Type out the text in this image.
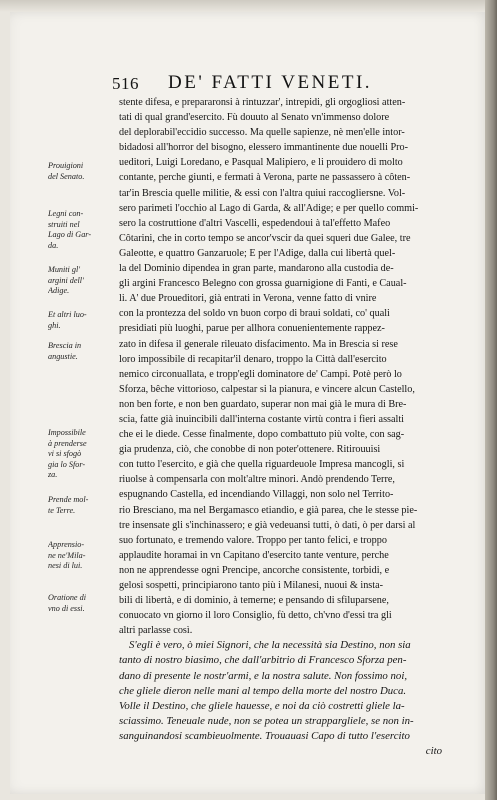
516 DE' FATTI VENETI.
stente difesa, e prepararonsi à rintuzzar', intrepidi, gli orgogliosi atten-
tati di qual grand'esercito. Fù douuto al Senato vn'immenso dolore
del deplorabil'eccidio successo. Ma quelle sapienze, nè men'elle intor-
bidadosi all'horror del bisogno, elessero immantinente due nouelli Pro-
ueditori, Luigi Loredano, e Pasqual Malipiero, e li prouidero di molto
contante, perche giunti, e fermati à Verona, parte ne passassero à côten-
tar'in Brescia quelle militie, & essi con l'altra quiui raccogliersne. Vol-
sero parimeti l'occhio al Lago di Garda, & all'Adige; e per quello commi-
sero la costruttione d'altri Vascelli, espedendoui à tal'effetto Mafeo
Côtarini, che in corto tempo se ancor'vscir da quei squeri due Galee, tre
Galeotte, e quattro Ganzaruole; E per l'Adige, dalla cui libertà quel-
la del Dominio dipendea in gran parte, mandarono alla custodia de-
gli argini Francesco Belegno con grossa guarnigione di Fanti, e Caual-
li. A' due Proueditori, già entrati in Verona, venne fatto di vnire
con la prontezza del soldo vn buon corpo di braui soldati, co' quali
presidiati più luoghi, parue per allhora conuenientemente rappez-
zato in difesa il generale rileuato disfacimento. Ma in Brescia si rese
loro impossibile di recapitar'il denaro, troppo la Città dall'esercito
nemico circonuallata, e tropp'egli dominatore de' Campi. Potè però lo
Sforza, bêche vittorioso, calpestar si la pianura, e vincere alcun Castello,
non ben forte, e non ben guardato, superar non mai già le mura di Bre-
scia, fatte già inuincibili dall'interna costante virtù contra i fieri assalti
che ei le diede. Cesse finalmente, dopo combattuto più volte, con sag-
gia prudenza, ciò, che conobbe di non poter'ottenere. Ritirouuisi
con tutto l'esercito, e già che quella riguardeuole Impresa mancogli, si
riuolse à compensarla con molt'altre minori. Andò prendendo Terre,
espugnando Castella, ed incendiando Villaggi, non solo nel Territo-
rio Bresciano, ma nel Bergamasco etiandio, e già parea, che le stesse pie-
tre insensate gli s'inchinassero; e già vedeuansi tutti, ò dati, ò per darsi al
suo fortunato, e tremendo valore. Troppo per tanto felici, e troppo
applaudite horamai in vn Capitano d'esercito tante venture, perche
non ne apprendesse ogni Prencipe, ancorche consistente, torbidi, e
gelosi sospetti, principiarono tanto più i Milanesi, nuoui & insta-
bili di libertà, e di dominio, à temerne; e pensando di sfiluparsene,
conuocato vn giorno il loro Consiglio, fù detto, ch'vno d'essi tra gli
altri parlasse così.
S'egli è vero, ò miei Signori, che la necessità sia Destino, non sia
tanto di nostro biasimo, che dall'arbitrio di Francesco Sforza pen-
dano di presente le nostr'armi, e la nostra salute. Non fossimo noi,
che gliele dieron nelle mani al tempo della morte del nostro Duca.
Volle il Destino, che gliele hauesse, e noi da ciò costretti gliele la-
sciassimo. Teneuale nude, non se potea un strappargliele, se non in-
sanguinandosi scambieuolmente. Trouauasi Capo di tutto l'esercito
cito
Prouigioni
del Senato.
Legni con-
struiti nel
Lago di Gar-
da.
Muniti gl'
argini dell'
Adige.
Et altri luo-
ghi.
Brescia in
angustie.
Impossibile
à prenderse
vi si sfogò
gia lo Sfor-
za.
Prende mol-
te Terre.
Apprensio-
ne ne'Mila-
nesi di lui.
Oratione di
vno di essi.
